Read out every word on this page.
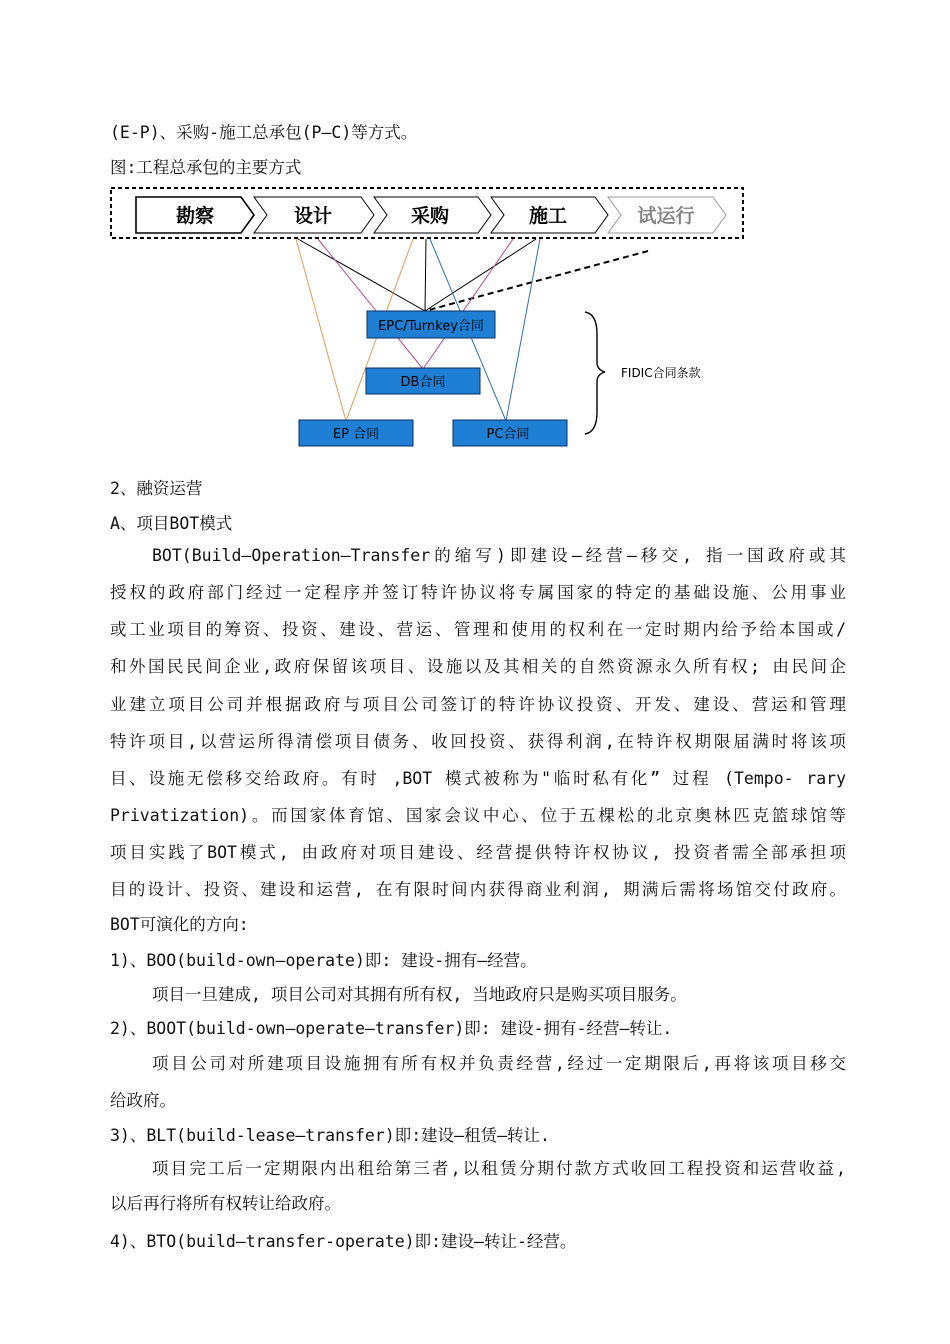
(E-P)、采购-施工总承包(P—C)等方式。
图:工程总承包的主要方式
勘察	设计	采购	施工	试运行
EPC/Turnkey合同
DB合同
EP 合同	PC合同
FIDIC合同条款
2、融资运营
A、项目BOT模式
BOT(Build—Operation—Transfer的缩写)即建设—经营—移交, 指一国政府或其
授权的政府部门经过一定程序并签订特许协议将专属国家的特定的基础设施、公用事业
或工业项目的筹资、投资、建设、营运、管理和使用的权利在一定时期内给予给本国或/
和外国民民间企业,政府保留该项目、设施以及其相关的自然资源永久所有权; 由民间企
业建立项目公司并根据政府与项目公司签订的特许协议投资、开发、建设、营运和管理
特许项目,以营运所得清偿项目债务、收回投资、获得利润,在特许权期限届满时将该项
目、设施无偿移交给政府。有时 ,BOT 模式被称为"临时私有化” 过程 (Tempo- rary
Privatization)。而国家体育馆、国家会议中心、位于五棵松的北京奥林匹克篮球馆等
项目实践了BOT模式, 由政府对项目建设、经营提供特许权协议, 投资者需全部承担项
目的设计、投资、建设和运营, 在有限时间内获得商业利润, 期满后需将场馆交付政府。
BOT可演化的方向:
1)、BOO(build-own—operate)即: 建设-拥有—经营。
项目一旦建成, 项目公司对其拥有所有权, 当地政府只是购买项目服务。
2)、BOOT(build-own—operate—transfer)即: 建设-拥有-经营—转让.
项目公司对所建项目设施拥有所有权并负责经营,经过一定期限后,再将该项目移交
给政府。
3)、BLT(build-lease—transfer)即:建设—租赁—转让.
项目完工后一定期限内出租给第三者,以租赁分期付款方式收回工程投资和运营收益,
以后再行将所有权转让给政府。
4)、BTO(build—transfer-operate)即:建设—转让-经营。
